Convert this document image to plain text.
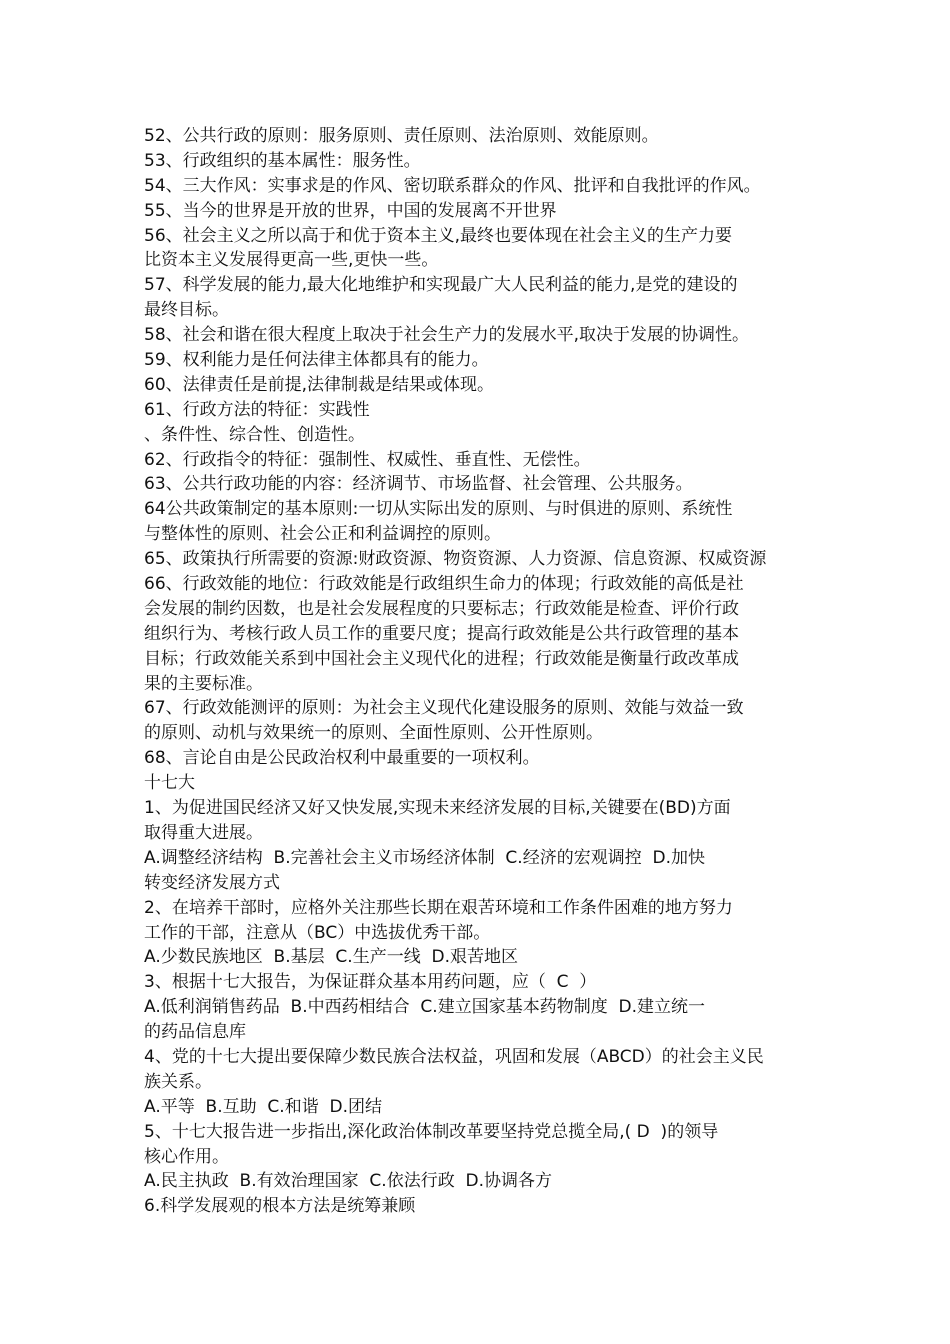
52、公共行政的原则：服务原则、责任原则、法治原则、效能原则。
53、行政组织的基本属性：服务性。
54、三大作风：实事求是的作风、密切联系群众的作风、批评和自我批评的作风。
55、当今的世界是开放的世界，中国的发展离不开世界
56、社会主义之所以高于和优于资本主义,最终也要体现在社会主义的生产力要
比资本主义发展得更高一些,更快一些。
57、科学发展的能力,最大化地维护和实现最广大人民利益的能力,是党的建设的
最终目标。
58、社会和谐在很大程度上取决于社会生产力的发展水平,取决于发展的协调性。
59、权利能力是任何法律主体都具有的能力。
60、法律责任是前提,法律制裁是结果或体现。
61、行政方法的特征：实践性
、条件性、综合性、创造性。
62、行政指令的特征：强制性、权威性、垂直性、无偿性。
63、公共行政功能的内容：经济调节、市场监督、社会管理、公共服务。
64公共政策制定的基本原则:一切从实际出发的原则、与时俱进的原则、系统性
与整体性的原则、社会公正和利益调控的原则。
65、政策执行所需要的资源:财政资源、物资资源、人力资源、信息资源、权威资源
66、行政效能的地位：行政效能是行政组织生命力的体现；行政效能的高低是社
会发展的制约因数，也是社会发展程度的只要标志；行政效能是检查、评价行政
组织行为、考核行政人员工作的重要尺度；提高行政效能是公共行政管理的基本
目标；行政效能关系到中国社会主义现代化的进程；行政效能是衡量行政改革成
果的主要标准。
67、行政效能测评的原则：为社会主义现代化建设服务的原则、效能与效益一致
的原则、动机与效果统一的原则、全面性原则、公开性原则。
68、言论自由是公民政治权利中最重要的一项权利。
十七大
1、为促进国民经济又好又快发展,实现未来经济发展的目标,关键要在(BD)方面
取得重大进展。
A.调整经济结构  B.完善社会主义市场经济体制  C.经济的宏观调控  D.加快
转变经济发展方式
2、在培养干部时，应格外关注那些长期在艰苦环境和工作条件困难的地方努力
工作的干部，注意从（BC）中选拔优秀干部。
A.少数民族地区  B.基层  C.生产一线  D.艰苦地区
3、根据十七大报告，为保证群众基本用药问题，应（  C  ）
A.低利润销售药品  B.中西药相结合  C.建立国家基本药物制度  D.建立统一
的药品信息库
4、党的十七大提出要保障少数民族合法权益，巩固和发展（ABCD）的社会主义民
族关系。
A.平等  B.互助  C.和谐  D.团结
5、十七大报告进一步指出,深化政治体制改革要坚持党总揽全局,( D  )的领导
核心作用。
A.民主执政  B.有效治理国家  C.依法行政  D.协调各方
6.科学发展观的根本方法是统筹兼顾
